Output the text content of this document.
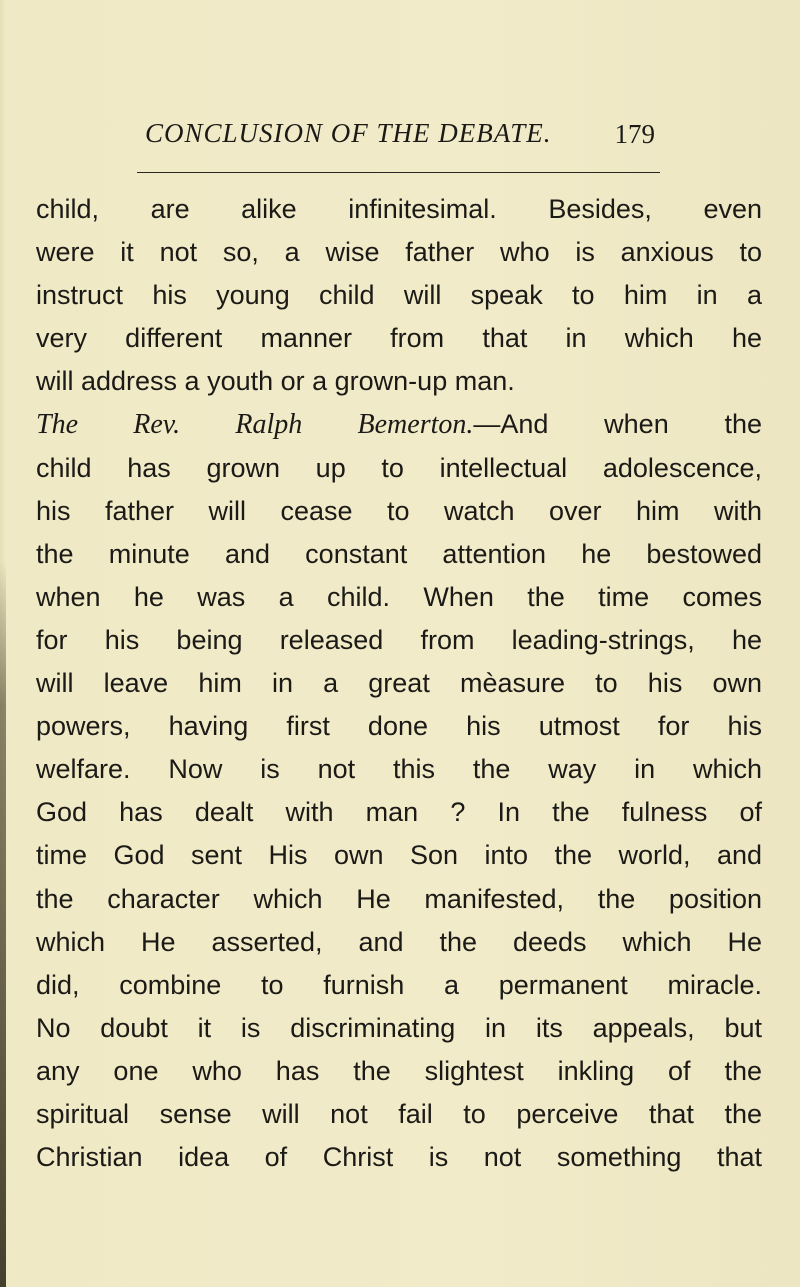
CONCLUSION OF THE DEBATE. 179
child, are alike infinitesimal. Besides, even
were it not so, a wise father who is anxious to
instruct his young child will speak to him in a
very different manner from that in which he
will address a youth or a grown-up man.
The Rev. Ralph Bemerton.—And when the
child has grown up to intellectual adolescence,
his father will cease to watch over him with
the minute and constant attention he bestowed
when he was a child. When the time comes
for his being released from leading-strings, he
will leave him in a great mèasure to his own
powers, having first done his utmost for his
welfare. Now is not this the way in which
God has dealt with man ? In the fulness of
time God sent His own Son into the world, and
the character which He manifested, the position
which He asserted, and the deeds which He
did, combine to furnish a permanent miracle.
No doubt it is discriminating in its appeals, but
any one who has the slightest inkling of the
spiritual sense will not fail to perceive that the
Christian idea of Christ is not something that
